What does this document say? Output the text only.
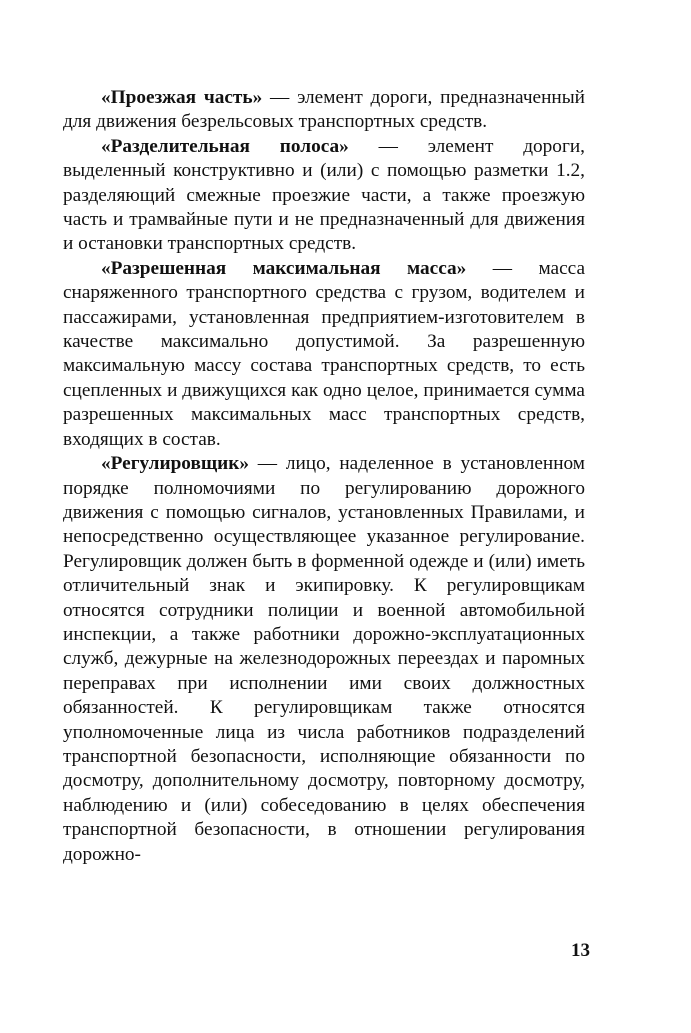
«Проезжая часть» — элемент дороги, предназначенный для движения безрельсовых транспортных средств.

«Разделительная полоса» — элемент дороги, выделенный конструктивно и (или) с помощью разметки 1.2, разделяющий смежные проезжие части, а также проезжую часть и трамвайные пути и не предназначенный для движения и остановки транспортных средств.

«Разрешенная максимальная масса» — масса снаряженного транспортного средства с грузом, водителем и пассажирами, установленная предприятием-изготовителем в качестве максимально допустимой. За разрешенную максимальную массу состава транспортных средств, то есть сцепленных и движущихся как одно целое, принимается сумма разрешенных максимальных масс транспортных средств, входящих в состав.

«Регулировщик» — лицо, наделенное в установленном порядке полномочиями по регулированию дорожного движения с помощью сигналов, установленных Правилами, и непосредственно осуществляющее указанное регулирование. Регулировщик должен быть в форменной одежде и (или) иметь отличительный знак и экипировку. К регулировщикам относятся сотрудники полиции и военной автомобильной инспекции, а также работники дорожно-эксплуатационных служб, дежурные на железнодорожных переездах и паромных переправах при исполнении ими своих должностных обязанностей. К регулировщикам также относятся уполномоченные лица из числа работников подразделений транспортной безопасности, исполняющие обязанности по досмотру, дополнительному досмотру, повторному досмотру, наблюдению и (или) собеседованию в целях обеспечения транспортной безопасности, в отношении регулирования дорожно-

13
